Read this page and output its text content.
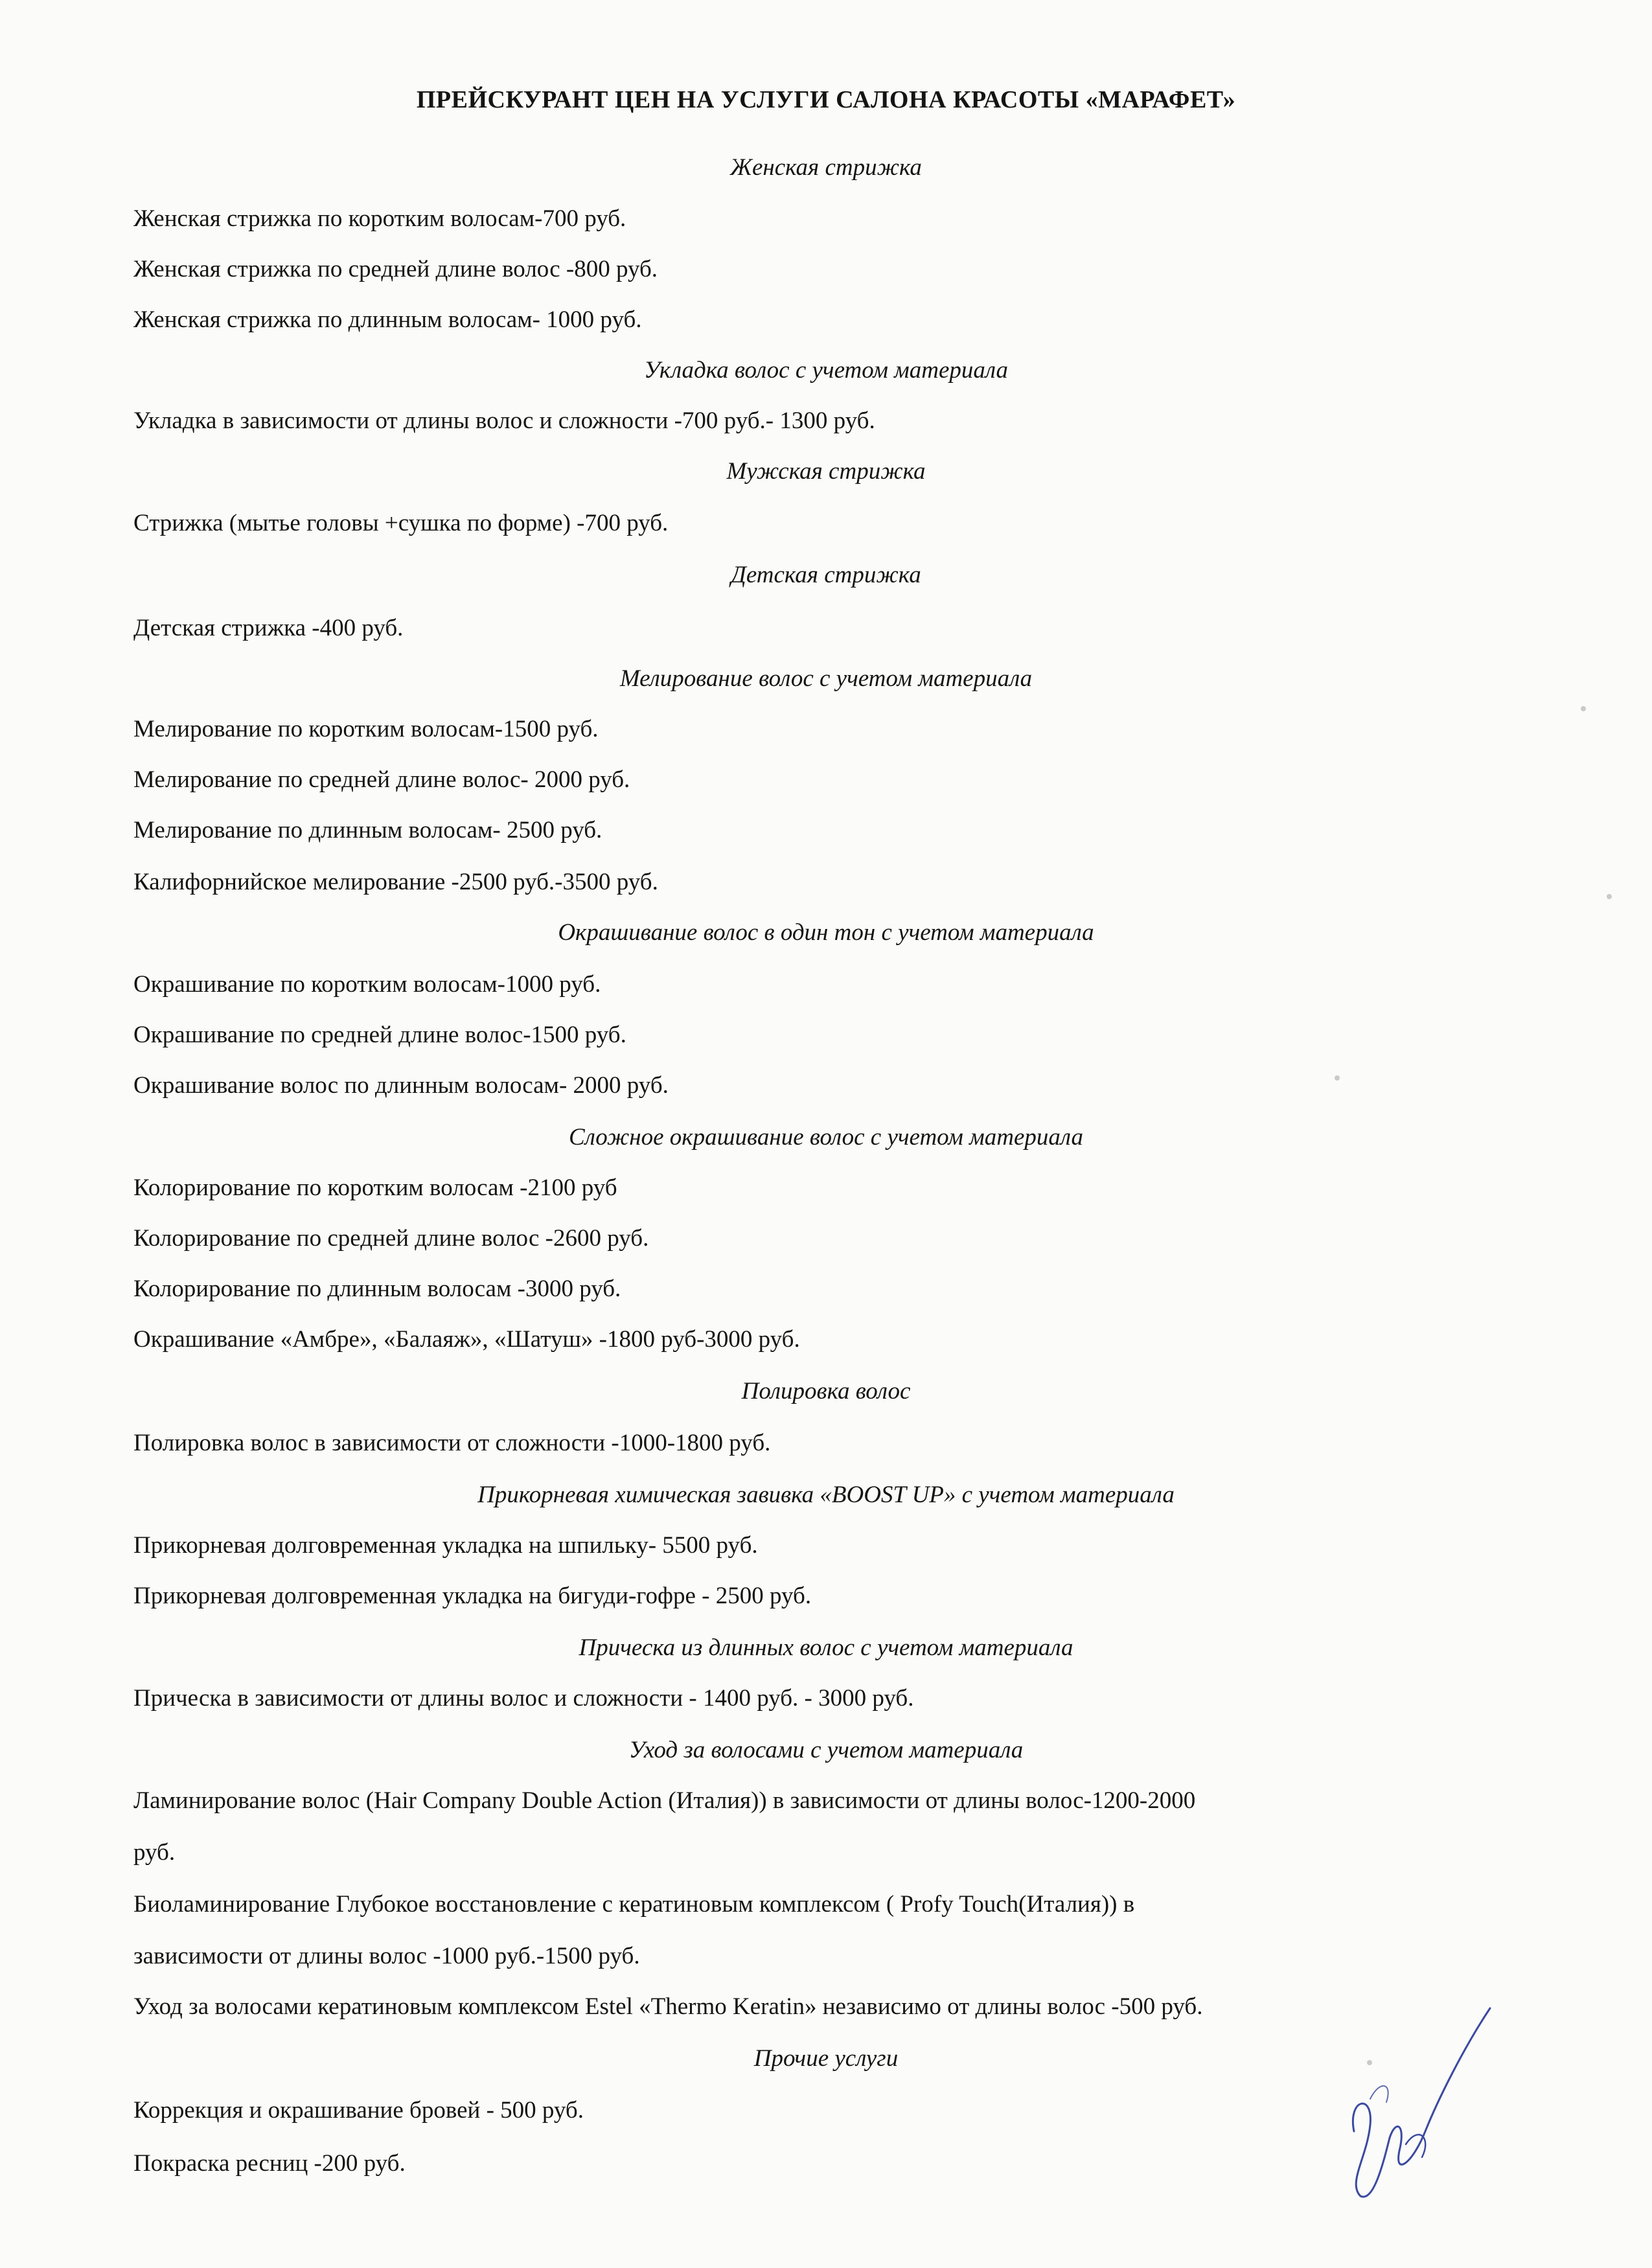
ПРЕЙСКУРАНТ ЦЕН НА УСЛУГИ САЛОНА КРАСОТЫ «МАРАФЕТ»
Женская стрижка
Женская стрижка по коротким волосам-700 руб.
Женская стрижка по средней длине волос -800 руб.
Женская стрижка по длинным волосам- 1000 руб.
Укладка волос с учетом материала
Укладка в зависимости от длины волос и сложности -700 руб.- 1300 руб.
Мужская стрижка
Стрижка (мытье головы +сушка по форме) -700 руб.
Детская стрижка
Детская стрижка -400 руб.
Мелирование волос с учетом материала
Мелирование по коротким волосам-1500 руб.
Мелирование по средней длине волос- 2000 руб.
Мелирование по длинным волосам- 2500 руб.
Калифорнийское мелирование -2500 руб.-3500 руб.
Окрашивание волос в один тон с учетом материала
Окрашивание по коротким волосам-1000 руб.
Окрашивание по средней длине волос-1500 руб.
Окрашивание волос по длинным волосам- 2000 руб.
Сложное окрашивание волос с учетом материала
Колорирование по коротким волосам -2100 руб
Колорирование по средней длине волос -2600 руб.
Колорирование по длинным волосам -3000 руб.
Окрашивание «Амбре», «Балаяж», «Шатуш» -1800 руб-3000 руб.
Полировка волос
Полировка волос в зависимости от сложности -1000-1800 руб.
Прикорневая химическая завивка «BOOST UP» с учетом материала
Прикорневая долговременная укладка на шпильку- 5500 руб.
Прикорневая долговременная укладка на бигуди-гофре - 2500 руб.
Прическа из длинных волос с учетом материала
Прическа в зависимости от длины волос и сложности - 1400 руб. - 3000 руб.
Уход за волосами с учетом материала
Ламинирование волос (Hair Company Double Action (Италия)) в зависимости от длины волос-1200-2000
руб.
Биоламинирование Глубокое восстановление с кератиновым комплексом ( Profy Touch(Италия)) в
зависимости от длины волос -1000 руб.-1500 руб.
Уход за волосами кератиновым комплексом Estel «Thermo Keratin» независимо от длины волос -500 руб.
Прочие услуги
Коррекция и окрашивание бровей - 500 руб.
Покраска ресниц -200 руб.
